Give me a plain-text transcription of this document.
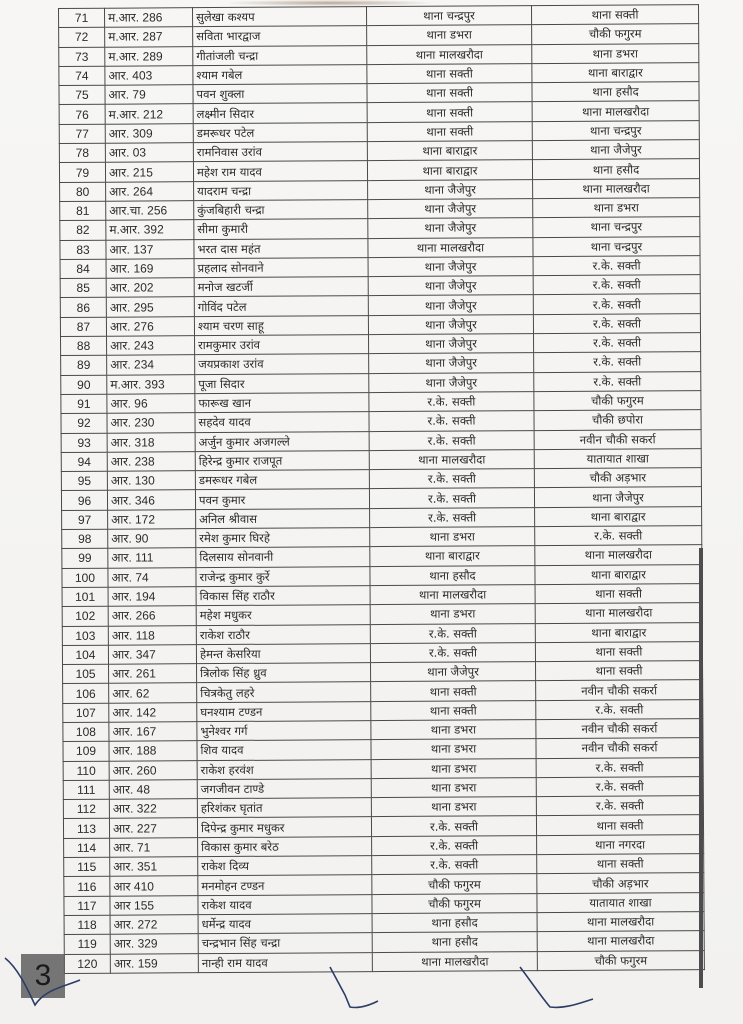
71	म.आर. 286	सुलेखा कश्यप	थाना चन्द्रपुर	थाना सक्ती
72	म.आर. 287	सविता भारद्वाज	थाना डभरा	चौकी फगुरम
73	म.आर. 289	गीतांजली चन्द्रा	थाना मालखरौदा	थाना डभरा
74	आर. 403	श्याम गबेल	थाना सक्ती	थाना बाराद्वार
75	आर. 79	पवन शुक्ला	थाना सक्ती	थाना हसौद
76	म.आर. 212	लक्ष्मीन सिदार	थाना सक्ती	थाना मालखरौदा
77	आर. 309	डमरूधर पटेल	थाना सक्ती	थाना चन्द्रपुर
78	आर. 03	रामनिवास उरांव	थाना बाराद्वार	थाना जैजेपुर
79	आर. 215	महेश राम यादव	थाना बाराद्वार	थाना हसौद
80	आर. 264	यादराम चन्द्रा	थाना जैजेपुर	थाना मालखरौदा
81	आर.चा. 256	कुंजबिहारी चन्द्रा	थाना जैजेपुर	थाना डभरा
82	म.आर. 392	सीमा कुमारी	थाना जैजेपुर	थाना चन्द्रपुर
83	आर. 137	भरत दास महंत	थाना मालखरौदा	थाना चन्द्रपुर
84	आर. 169	प्रहलाद सोनवाने	थाना जैजेपुर	र.के. सक्ती
85	आर. 202	मनोज खटर्जी	थाना जैजेपुर	र.के. सक्ती
86	आर. 295	गोविंद पटेल	थाना जैजेपुर	र.के. सक्ती
87	आर. 276	श्याम चरण साहू	थाना जैजेपुर	र.के. सक्ती
88	आर. 243	रामकुमार उरांव	थाना जैजेपुर	र.के. सक्ती
89	आर. 234	जयप्रकाश उरांव	थाना जैजेपुर	र.के. सक्ती
90	म.आर. 393	पूजा सिदार	थाना जैजेपुर	र.के. सक्ती
91	आर. 96	फारूख खान	र.के. सक्ती	चौकी फगुरम
92	आर. 230	सहदेव यादव	र.के. सक्ती	चौकी छपोरा
93	आर. 318	अर्जुन कुमार अजगल्ले	र.के. सक्ती	नवीन चौकी सकर्रा
94	आर. 238	हिरेन्द्र कुमार राजपूत	थाना मालखरौदा	यातायात शाखा
95	आर. 130	डमरूधर गबेल	र.के. सक्ती	चौकी अड़भार
96	आर. 346	पवन कुमार	र.के. सक्ती	थाना जैजेपुर
97	आर. 172	अनिल श्रीवास	र.के. सक्ती	थाना बाराद्वार
98	आर. 90	रमेश कुमार घिरहे	थाना डभरा	र.के. सक्ती
99	आर. 111	दिलसाय सोनवानी	थाना बाराद्वार	थाना मालखरौदा
100	आर. 74	राजेन्द्र कुमार कुर्रे	थाना हसौद	थाना बाराद्वार
101	आर. 194	विकास सिंह राठौर	थाना मालखरौदा	थाना सक्ती
102	आर. 266	महेश मधुकर	थाना डभरा	थाना मालखरौदा
103	आर. 118	राकेश राठौर	र.के. सक्ती	थाना बाराद्वार
104	आर. 347	हेमन्त केसरिया	र.के. सक्ती	थाना सक्ती
105	आर. 261	त्रिलोक सिंह ध्रुव	थाना जैजेपुर	थाना सक्ती
106	आर. 62	चित्रकेतु लहरे	थाना सक्ती	नवीन चौकी सकर्रा
107	आर. 142	घनश्याम टण्डन	थाना सक्ती	र.के. सक्ती
108	आर. 167	भुनेश्वर गर्ग	थाना डभरा	नवीन चौकी सकर्रा
109	आर. 188	शिव यादव	थाना डभरा	नवीन चौकी सकर्रा
110	आर. 260	राकेश हरवंश	थाना डभरा	र.के. सक्ती
111	आर. 48	जगजीवन टाण्डे	थाना डभरा	र.के. सक्ती
112	आर. 322	हरिशंकर घृतांत	थाना डभरा	र.के. सक्ती
113	आर. 227	दिपेन्द्र कुमार मधुकर	र.के. सक्ती	थाना सक्ती
114	आर. 71	विकास कुमार बरेठ	र.के. सक्ती	थाना नगरदा
115	आर. 351	राकेश दिव्य	र.के. सक्ती	थाना सक्ती
116	आर 410	मनमोहन टण्डन	चौकी फगुरम	चौकी अड़भार
117	आर 155	राकेश यादव	चौकी फगुरम	यातायात शाखा
118	आर. 272	धर्मेन्द्र यादव	थाना हसौद	थाना मालखरौदा
119	आर. 329	चन्द्रभान सिंह चन्द्रा	थाना हसौद	थाना मालखरौदा
120	आर. 159	नान्ही राम यादव	थाना मालखरौदा	चौकी फगुरम
3
